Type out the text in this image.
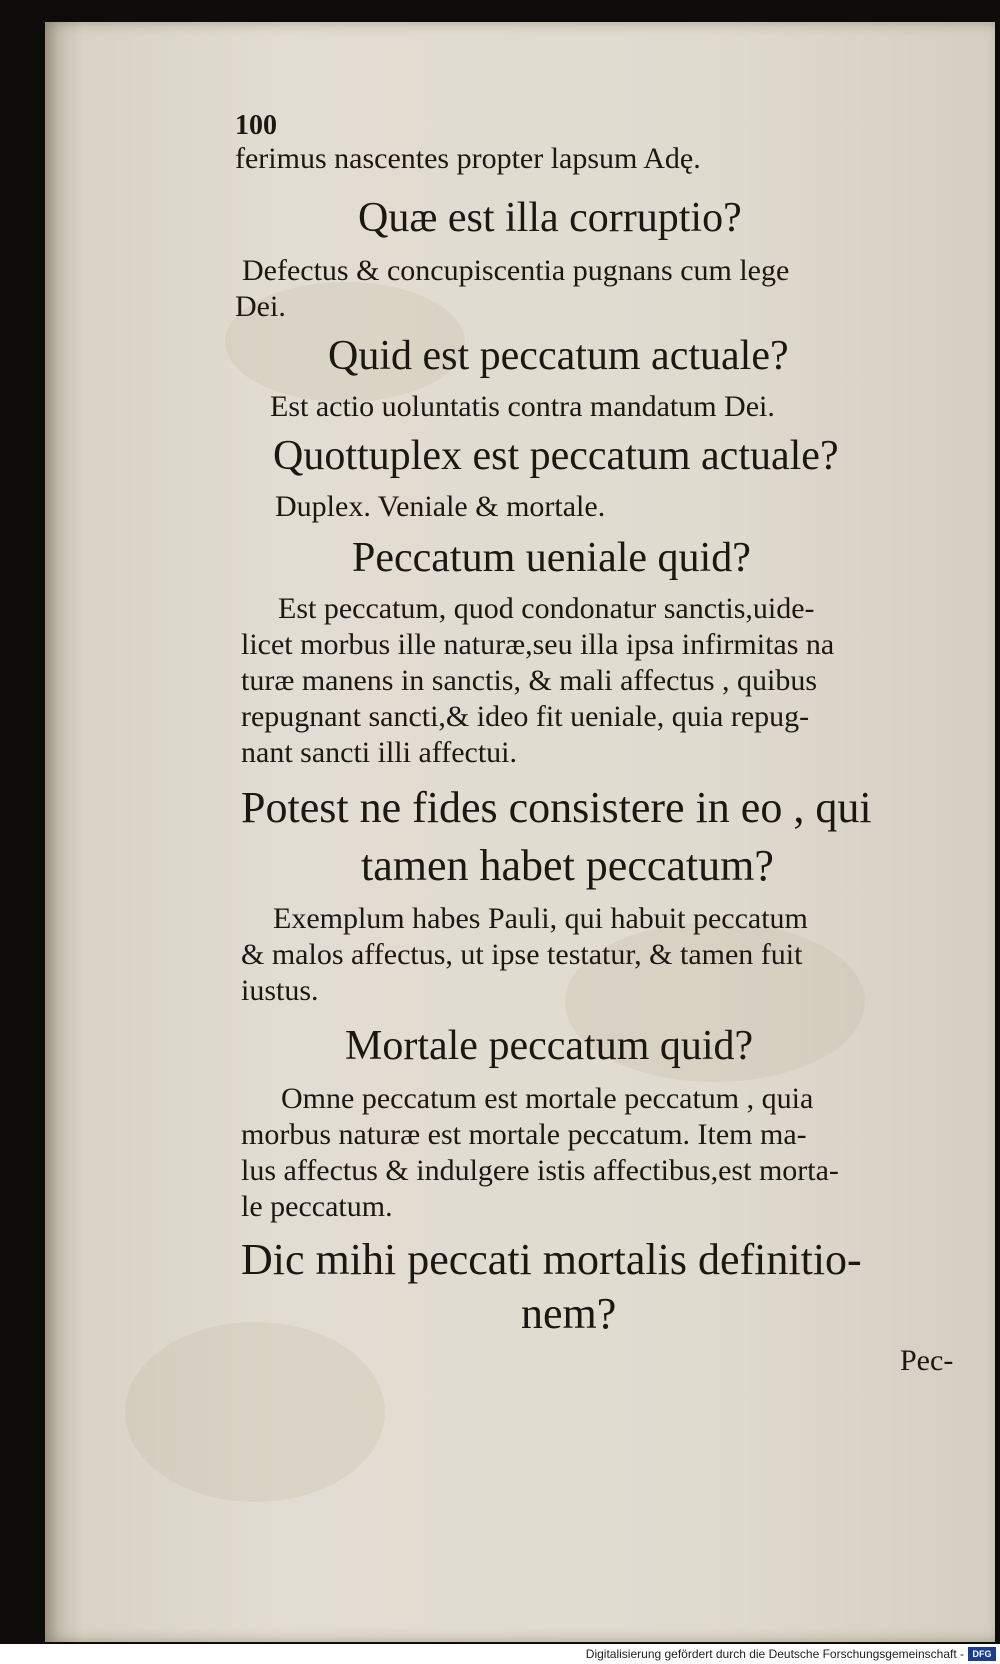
100
ferimus nascentes propter lapsum Adę.
Quæ est illa corruptio?
Defectus & concupiscentia pugnans cum lege
Dei.
Quid est peccatum actuale?
Est actio uoluntatis contra mandatum Dei.
Quottuplex est peccatum actuale?
Duplex. Veniale & mortale.
Peccatum ueniale quid?
Est peccatum, quod condonatur sanctis,uide-
licet morbus ille naturæ,seu illa ipsa infirmitas na
turæ manens in sanctis, & mali affectus , quibus
repugnant sancti,& ideo fit ueniale, quia repug-
nant sancti illi affectui.
Potest ne fides consistere in eo , qui
tamen habet peccatum?
Exemplum habes Pauli, qui habuit peccatum
& malos affectus, ut ipse testatur, & tamen fuit
iustus.
Mortale peccatum quid?
Omne peccatum est mortale peccatum , quia
morbus naturæ est mortale peccatum. Item ma-
lus affectus & indulgere istis affectibus,est morta-
le peccatum.
Dic mihi peccati mortalis definitio-
nem?
Pec-
Digitalisierung gefördert durch die Deutsche Forschungsgemeinschaft - DFG
